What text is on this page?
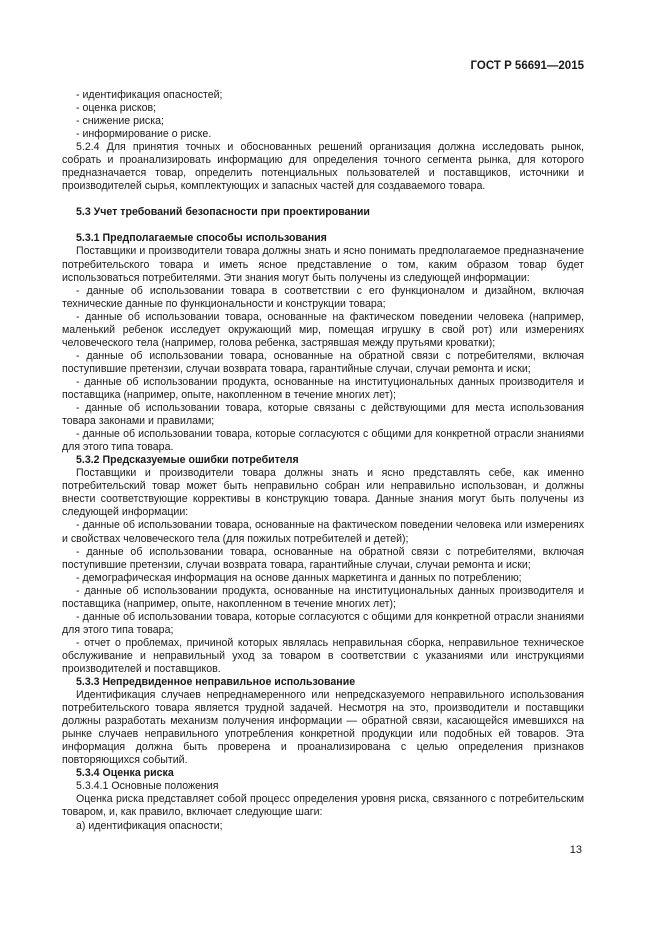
ГОСТ Р 56691—2015

- идентификация опасностей;

- оценка рисков;

- снижение риска;

- информирование о риске.

5.2.4 Для принятия точных и обоснованных решений организация должна исследовать рынок, собрать и проанализировать информацию для определения точного сегмента рынка, для которого предназначается товар, определить потенциальных пользователей и поставщиков, источники и производителей сырья, комплектующих и запасных частей для создаваемого товара.

5.3 Учет требований безопасности при проектировании

5.3.1 Предполагаемые способы использования

Поставщики и производители товара должны знать и ясно понимать предполагаемое предназначение потребительского товара и иметь ясное представление о том, каким образом товар будет использоваться потребителями. Эти знания могут быть получены из следующей информации:

- данные об использовании товара в соответствии с его функционалом и дизайном, включая технические данные по функциональности и конструкции товара;

- данные об использовании товара, основанные на фактическом поведении человека (например, маленький ребенок исследует окружающий мир, помещая игрушку в свой рот) или измерениях человеческого тела (например, голова ребенка, застрявшая между прутьями кроватки);

- данные об использовании товара, основанные на обратной связи с потребителями, включая поступившие претензии, случаи возврата товара, гарантийные случаи, случаи ремонта и иски;

- данные об использовании продукта, основанные на институциональных данных производителя и поставщика (например, опыте, накопленном в течение многих лет);

- данные об использовании товара, которые связаны с действующими для места использования товара законами и правилами;

- данные об использовании товара, которые согласуются с общими для конкретной отрасли знаниями для этого типа товара.

5.3.2 Предсказуемые ошибки потребителя

Поставщики и производители товара должны знать и ясно представлять себе, как именно потребительский товар может быть неправильно собран или неправильно использован, и должны внести соответствующие коррективы в конструкцию товара. Данные знания могут быть получены из следующей информации:

- данные об использовании товара, основанные на фактическом поведении человека или измерениях и свойствах человеческого тела (для пожилых потребителей и детей);

- данные об использовании товара, основанные на обратной связи с потребителями, включая поступившие претензии, случаи возврата товара, гарантийные случаи, случаи ремонта и иски;

- демографическая информация на основе данных маркетинга и данных по потреблению;

- данные об использовании продукта, основанные на институциональных данных производителя и поставщика (например, опыте, накопленном в течение многих лет);

- данные об использовании товара, которые согласуются с общими для конкретной отрасли знаниями для этого типа товара;

- отчет о проблемах, причиной которых являлась неправильная сборка, неправильное техническое обслуживание и неправильный уход за товаром в соответствии с указаниями или инструкциями производителей и поставщиков.

5.3.3 Непредвиденное неправильное использование

Идентификация случаев непреднамеренного или непредсказуемого неправильного использования потребительского товара является трудной задачей. Несмотря на это, производители и поставщики должны разработать механизм получения информации — обратной связи, касающейся имевшихся на рынке случаев неправильного употребления конкретной продукции или подобных ей товаров. Эта информация должна быть проверена и проанализирована с целью определения признаков повторяющихся событий.

5.3.4 Оценка риска

5.3.4.1 Основные положения

Оценка риска представляет собой процесс определения уровня риска, связанного с потребительским товаром, и, как правило, включает следующие шаги:

а) идентификация опасности;

13
